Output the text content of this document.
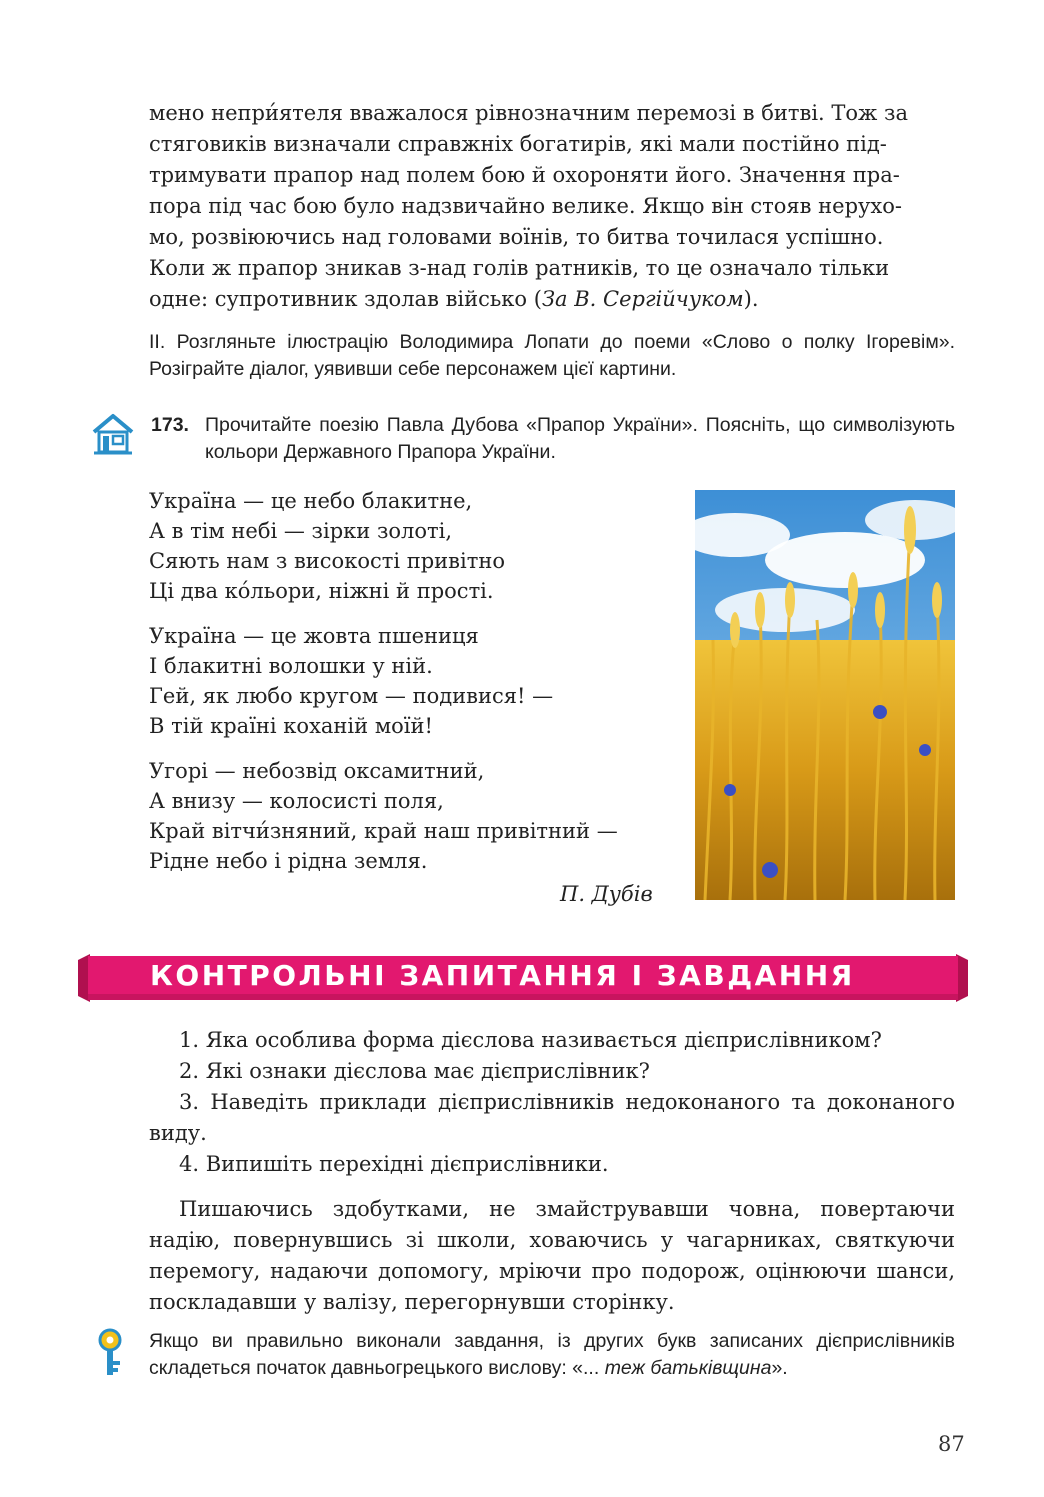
мено непри́ятеля вважалося рівнозначним перемозі в битві. Тож за

стяговиків визначали справжніх богатирів, які мали постійно під-

тримувати прапор над полем бою й охороняти його. Значення пра-

пора під час бою було надзвичайно велике. Якщо він стояв нерухо-

мо, розвіюючись над головами воїнів, то битва точилася успішно.

Коли ж прапор зникав з-над голів ратників, то це означало тільки

одне: супротивник здолав військо (За В. Сергійчуком).

ІІ. Розгляньте ілюстрацію Володимира Лопати до поеми «Слово о полку Ігоревім». Розіграйте діалог, уявивши себе персонажем цієї картини.
173. Прочитайте поезію Павла Дубова «Прапор України». Поясніть, що символізують кольори Державного Прапора України.
Україна — це небо блакитне,
А в тім небі — зірки золоті,
Сяють нам з високості привітно
Ці два ко́льори, ніжні й прості.
Україна — це жовта пшениця
І блакитні волошки у ній.
Гей, як любо кругом — подивися! —
В тій країні коханій моїй!
Угорі — небозвід оксамитний,
А внизу — колосисті поля,
Край вітчи́зняний, край наш привітний —
Рідне небо і рідна земля.
П. Дубів
КОНТРОЛЬНІ ЗАПИТАННЯ І ЗАВДАННЯ
1. Яка особлива форма дієслова називається дієприслівником?
2. Які ознаки дієслова має дієприслівник?
3. Наведіть приклади дієприслівників недоконаного та доконаного виду.
4. Випишіть перехідні дієприслівники.
Пишаючись здобутками, не змайструвавши човна, повертаючи надію, повернувшись зі школи, ховаючись у чагарниках, святкуючи перемогу, надаючи допомогу, мріючи про подорож, оцінюючи шанси, посклад​авши у валізу, перегорнувши сторінку.
Якщо ви правильно виконали завдання, із других букв записаних дієприслівників складеться початок давньогрецького вислову: «... теж батьківщина».
87
